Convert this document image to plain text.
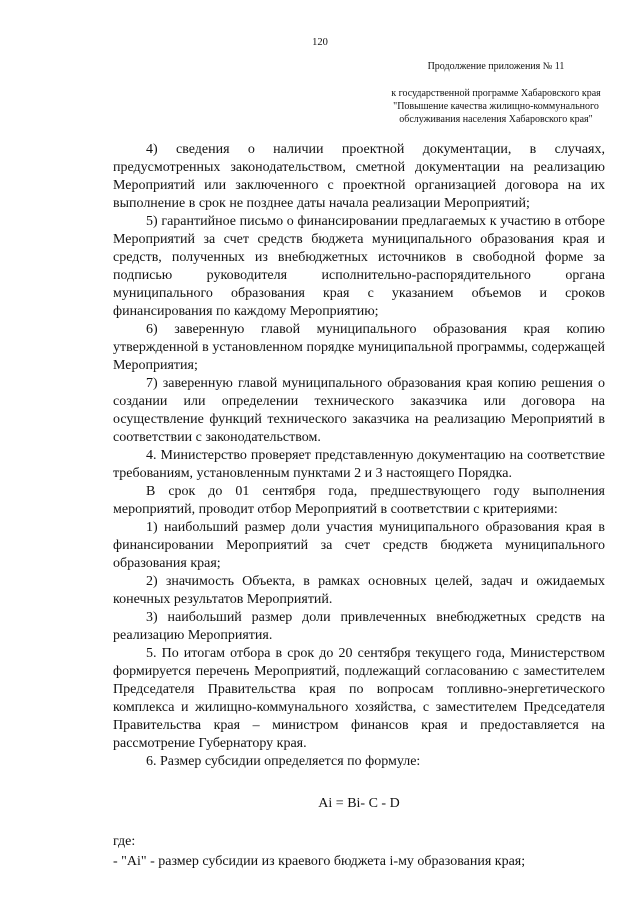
120
Продолжение приложения № 11
к государственной программе Хабаровского края "Повышение качества жилищно-коммунального обслуживания населения Хабаровского края"

4) сведения о наличии проектной документации, в случаях, предусмотренных законодательством, сметной документации на реализацию Мероприятий или заключенного с проектной организацией договора на их выполнение в срок не позднее даты начала реализации Мероприятий;

5) гарантийное письмо о финансировании предлагаемых к участию в отборе Мероприятий за счет средств бюджета муниципального образования края и средств, полученных из внебюджетных источников в свободной форме за подписью руководителя исполнительно-распорядительного органа муниципального образования края с указанием объемов и сроков финансирования по каждому Мероприятию;

6) заверенную главой муниципального образования края копию утвержденной в установленном порядке муниципальной программы, содержащей Мероприятия;

7) заверенную главой муниципального образования края копию решения о создании или определении технического заказчика или договора на осуществление функций технического заказчика на реализацию Мероприятий в соответствии с законодательством.

4. Министерство проверяет представленную документацию на соответствие требованиям, установленным пунктами 2 и 3 настоящего Порядка.

В срок до 01 сентября года, предшествующего году выполнения мероприятий, проводит отбор Мероприятий в соответствии с критериями:

1) наибольший размер доли участия муниципального образования края в финансировании Мероприятий за счет средств бюджета муниципального образования края;

2) значимость Объекта, в рамках основных целей, задач и ожидаемых конечных результатов Мероприятий.

3) наибольший размер доли привлеченных внебюджетных средств на реализацию Мероприятия.

5. По итогам отбора в срок до 20 сентября текущего года, Министерством формируется перечень Мероприятий, подлежащий согласованию с заместителем Председателя Правительства края по вопросам топливно-энергетического комплекса и жилищно-коммунального хозяйства, с заместителем Председателя Правительства края – министром финансов края и предоставляется на рассмотрение Губернатору края.

6. Размер субсидии определяется по формуле:

Ai = Bi- C - D

где:

- "Ai" - размер субсидии из краевого бюджета i-му образования края;
